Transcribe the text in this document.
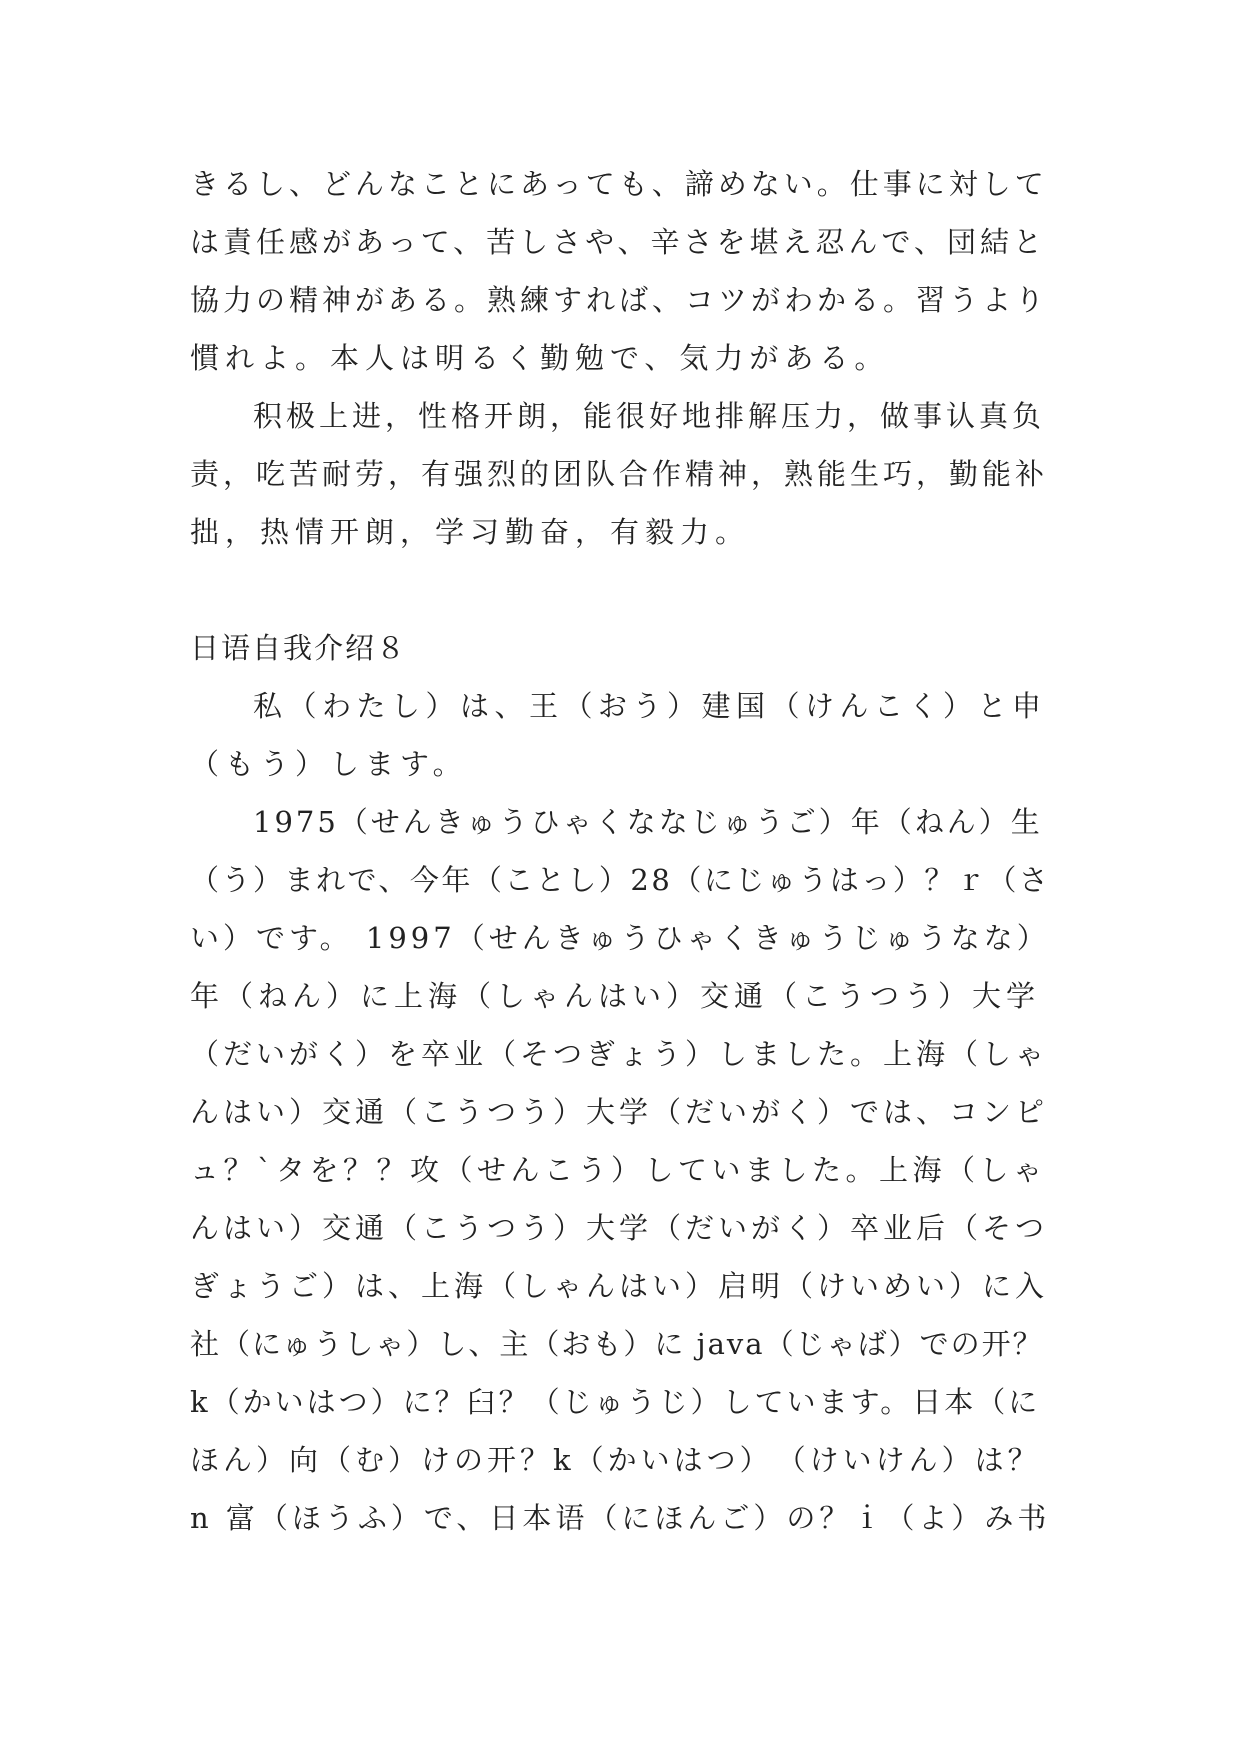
きるし、どんなことにあっても、諦めない。仕事に対して
は責任感があって、苦しさや、辛さを堪え忍んで、団結と
協力の精神がある。熟練すれば、コツがわかる。習うより
慣れよ。本人は明るく勤勉で、気力がある。
积极上进，性格开朗，能很好地排解压力，做事认真负
责，吃苦耐劳，有强烈的团队合作精神，熟能生巧，勤能补
拙，热情开朗，学习勤奋，有毅力。
日语自我介绍８
私（わたし）は、王（おう）建国（けんこく）と申
（もう）します。
1975（せんきゅうひゃくななじゅうご）年（ねん）生
（う）まれで、今年（ことし）28（にじゅうはっ）？ｒ（さ
い）です。 1997（せんきゅうひゃくきゅうじゅうなな）
年（ねん）に上海（しゃんはい）交通（こうつう）大学
（だいがく）を卒业（そつぎょう）しました。上海（しゃ
んはい）交通（こうつう）大学（だいがく）では、コンピ
ュ？`タを？？攻（せんこう）していました。上海（しゃ
んはい）交通（こうつう）大学（だいがく）卒业后（そつ
ぎょうご）は、上海（しゃんはい）启明（けいめい）に入
社（にゅうしゃ）し、主（おも）に java（じゃば）での开？
k（かいはつ）に？臼？（じゅうじ）しています。日本（に
ほん）向（む）けの开？k（かいはつ）　（けいけん）は？
n 富（ほうふ）で、日本语（にほんご）の？ｉ（よ）み书
